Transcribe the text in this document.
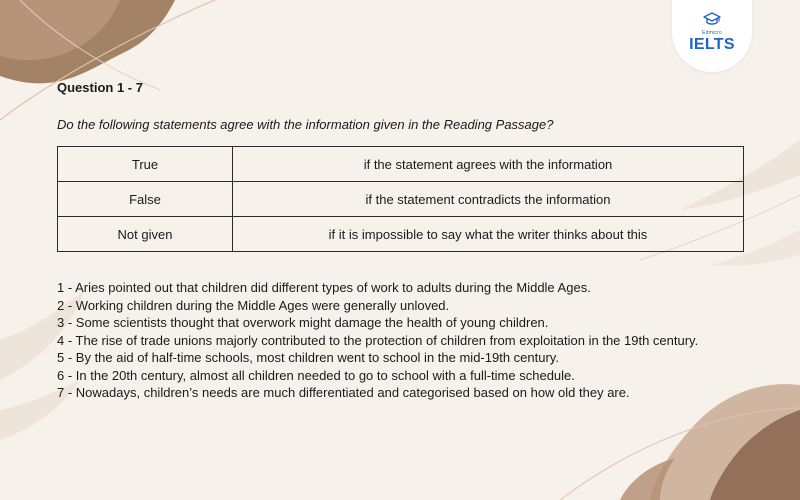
Edmicro
IELTS
Question 1 - 7
Do the following statements agree with the information given in the Reading Passage?
True	if the statement agrees with the information
False	if the statement contradicts the information
Not given	if it is impossible to say what the writer thinks about this
1 - Aries pointed out that children did different types of work to adults during the Middle Ages.
2 - Working children during the Middle Ages were generally unloved.
3 - Some scientists thought that overwork might damage the health of young children.
4 - The rise of trade unions majorly contributed to the protection of children from exploitation in the 19th century.
5 - By the aid of half-time schools, most children went to school in the mid-19th century.
6 - In the 20th century, almost all children needed to go to school with a full-time schedule.
7 - Nowadays, children’s needs are much differentiated and categorised based on how old they are.
